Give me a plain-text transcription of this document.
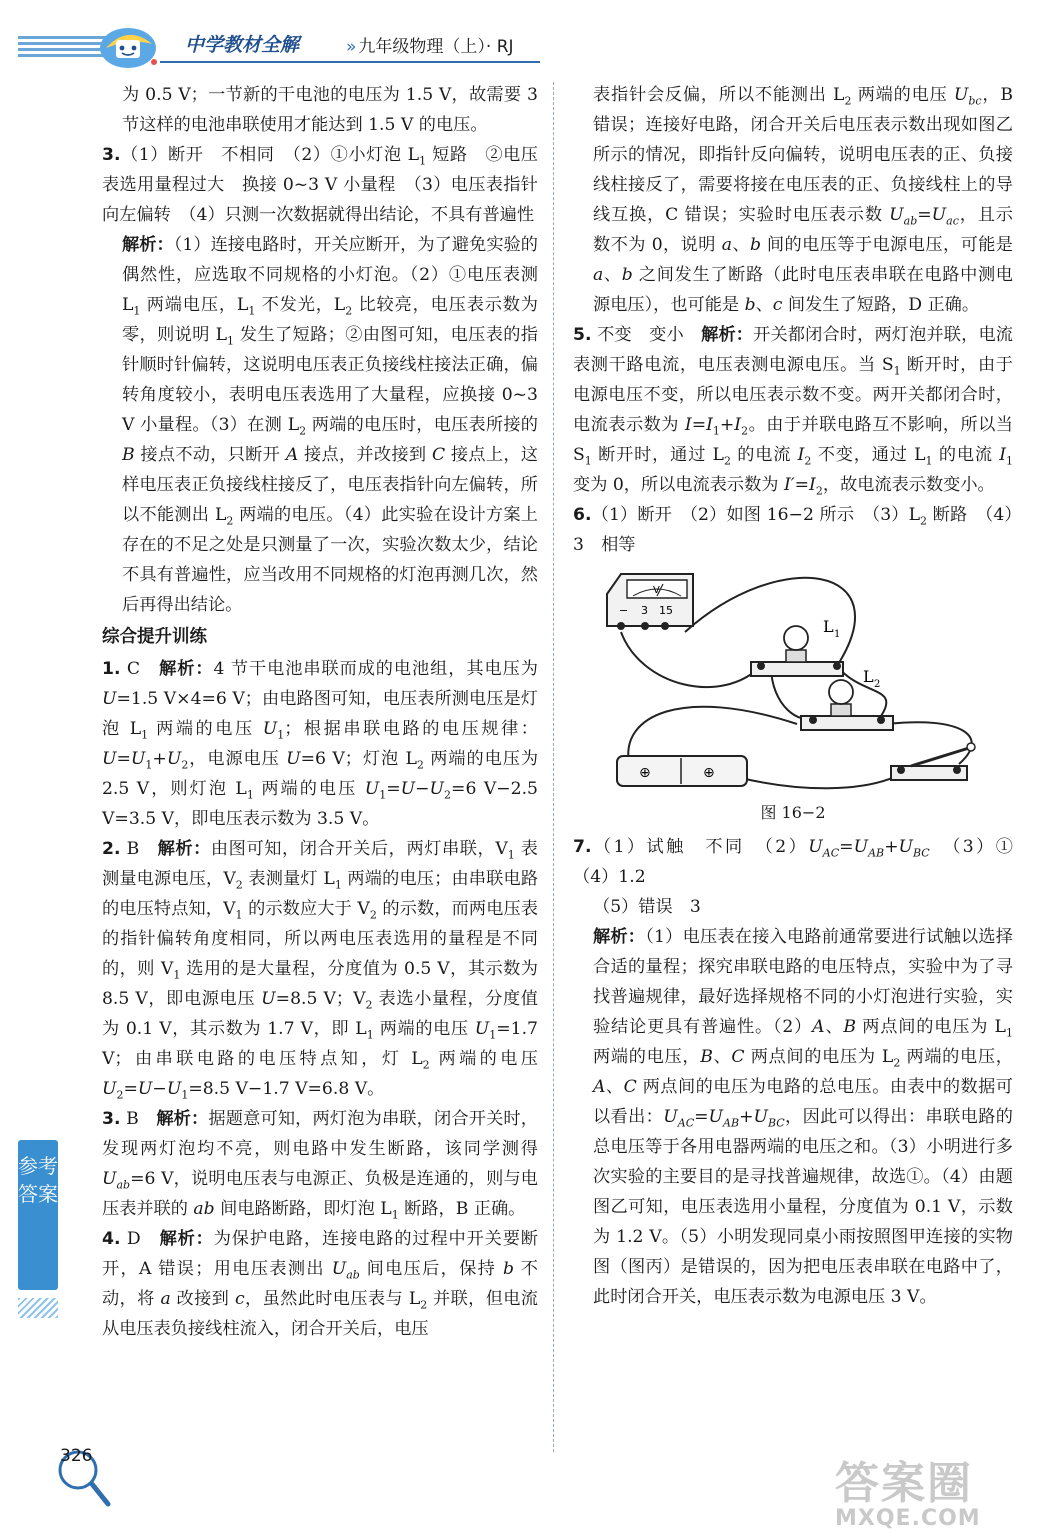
中学教材全解	» 九年级物理（上）· RJ

为 0.5 V；一节新的干电池的电压为 1.5 V，故需要 3 节这样的电池串联使用才能达到 1.5 V 的电压。

3.（1）断开　不相同　（2）①小灯泡 $L_1$ 短路　②电压表选用量程过大　换接 0~3 V 小量程　（3）电压表指针向左偏转　（4）只测一次数据就得出结论，不具有普遍性

解析：（1）连接电路时，开关应断开，为了避免实验的偶然性，应选取不同规格的小灯泡。（2）①电压表测 $L_1$ 两端电压，$L_1$ 不发光，$L_2$ 比较亮，电压表示数为零，则说明 $L_1$ 发生了短路；②由图可知，电压表的指针顺时针偏转，这说明电压表正负接线柱接法正确，偏转角度较小，表明电压表选用了大量程，应换接 0~3 V 小量程。（3）在测 $L_2$ 两端的电压时，电压表所接的 B 接点不动，只断开 A 接点，并改接到 C 接点上，这样电压表正负接线柱接反了，电压表指针向左偏转，所以不能测出 $L_2$ 两端的电压。（4）此实验在设计方案上存在的不足之处是只测量了一次，实验次数太少，结论不具有普遍性，应当改用不同规格的灯泡再测几次，然后再得出结论。

综合提升训练

1. C　 解析：4 节干电池串联而成的电池组，其电压为 U=1.5 V×4=6 V；由电路图可知，电压表所测电压是灯泡 $L_1$ 两端的电压 $U_1$；根据串联电路的电压规律：$U=U_1+U_2$，电源电压 U=6 V；灯泡 $L_2$ 两端的电压为 2.5 V，则灯泡 $L_1$ 两端的电压 $U_1=U-U_2=6$ V−2.5 V=3.5 V，即电压表示数为 3.5 V。

2. B　 解析：由图可知，闭合开关后，两灯串联，$V_1$ 表测量电源电压，$V_2$ 表测量灯 $L_1$ 两端的电压；由串联电路的电压特点知，$V_1$ 的示数应大于 $V_2$ 的示数，而两电压表的指针偏转角度相同，所以两电压表选用的量程是不同的，则 $V_1$ 选用的是大量程，分度值为 0.5 V，其示数为 8.5 V，即电源电压 U=8.5 V；$V_2$ 表选小量程，分度值为 0.1 V，其示数为 1.7 V，即 $L_1$ 两端的电压 $U_1=1.7$ V；由串联电路的电压特点知，灯 $L_2$ 两端的电压 $U_2=U-U_1=8.5$ V−1.7 V=6.8 V。

3. B　 解析：据题意可知，两灯泡为串联，闭合开关时，发现两灯泡均不亮，则电路中发生断路，该同学测得 $U_{ab}=6$ V，说明电压表与电源正、负极是连通的，则与电压表并联的 ab 间电路断路，即灯泡 $L_1$ 断路，B 正确。

4. D　 解析：为保护电路，连接电路的过程中开关要断开，A 错误；用电压表测出 $U_{ab}$ 间电压后，保持 b 不动，将 a 改接到 c，虽然此时电压表与 $L_2$ 并联，但电流从电压表负接线柱流入，闭合开关后，电压

表指针会反偏，所以不能测出 $L_2$ 两端的电压 $U_{bc}$，B 错误；连接好电路，闭合开关后电压表示数出现如图乙所示的情况，即指针反向偏转，说明电压表的正、负接线柱接反了，需要将接在电压表的正、负接线柱上的导线互换，C 错误；实验时电压表示数 $U_{ab}=U_{ac}$，且示数不为 0，说明 a、b 间的电压等于电源电压，可能是 a、b 之间发生了断路（此时电压表串联在电路中测电源电压），也可能是 b、c 间发生了短路，D 正确。

5. 不变　变小　 解析：开关都闭合时，两灯泡并联，电流表测干路电流，电压表测电源电压。当 $S_1$ 断开时，由于电源电压不变，所以电压表示数不变。两开关都闭合时，电流表示数为 $I=I_1+I_2$。由于并联电路互不影响，所以当 $S_1$ 断开时，通过 $L_2$ 的电流 $I_2$ 不变，通过 $L_1$ 的电流 $I_1$ 变为 0，所以电流表示数为 $I'=I_2$，故电流表示数变小。

6.（1）断开　（2）如图 16−2 所示　$(3)L_2$ 断路　（4）3　相等

V
− 3 15
L 1
L 2
⊕	⊕

图 16−2

7.（1）试触　不同　$(2)U_{AC}=U_{AB}+U_{BC}$　（3）①　（4）1.2

（5）错误　3

解析：（1）电压表在接入电路前通常要进行试触以选择合适的量程；探究串联电路的电压特点，实验中为了寻找普遍规律，最好选择规格不同的小灯泡进行实验，实验结论更具有普遍性。（2）A、B 两点间的电压为 $L_1$ 两端的电压，B、C 两点间的电压为 $L_2$ 两端的电压，A、C 两点间的电压为电路的总电压。由表中的数据可以看出：$U_{AC}=U_{AB}+U_{BC}$，因此可以得出：串联电路的总电压等于各用电器两端的电压之和。（3）小明进行多次实验的主要目的是寻找普遍规律，故选①。（4）由题图乙可知，电压表选用小量程，分度值为 0.1 V，示数为 1.2 V。（5）小明发现同桌小雨按照图甲连接的实物图（图丙）是错误的，因为把电压表串联在电路中了，此时闭合开关，电压表示数为电源电压 3 V。

参考答案
326
答案圈
MXQE.COM
